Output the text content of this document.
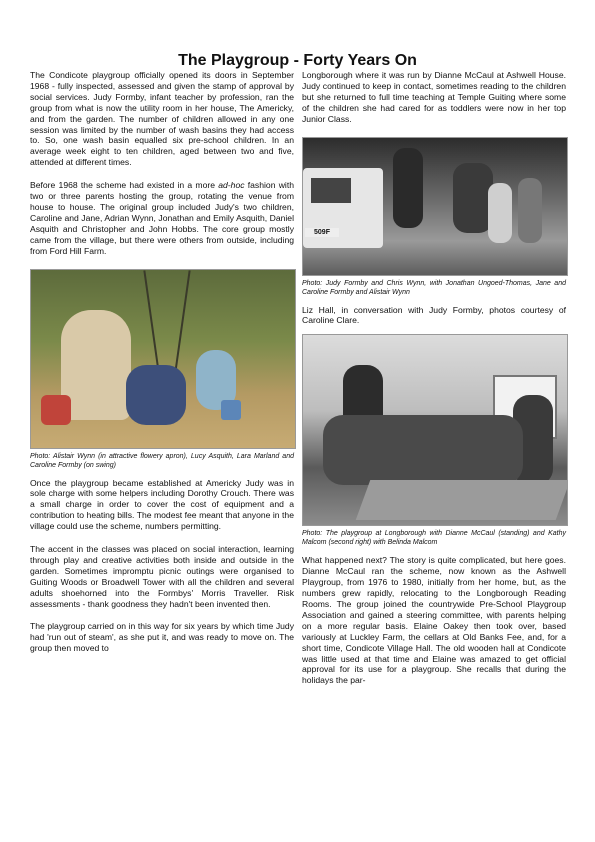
The Playgroup - Forty Years On

The Condicote playgroup officially opened its doors in September 1968 - fully inspected, assessed and given the stamp of approval by social services. Judy Formby, infant teacher by profession, ran the group from what is now the utility room in her house, The Americky, and from the garden. The number of children allowed in any one session was limited by the number of wash basins they had access to. So, one wash basin equalled six pre-school children. In an average week eight to ten children, aged between two and five, attended at different times.

Before 1968 the scheme had existed in a more ad-hoc fashion with two or three parents hosting the group, rotating the venue from house to house. The original group included Judy's two children, Caroline and Jane, Adrian Wynn, Jonathan and Emily Asquith, Daniel Asquith and Christopher and John Hobbs. The core group mostly came from the village, but there were others from outside, including from Ford Hill Farm.

Photo: Alistair Wynn (in attractive flowery apron), Lucy Asquith, Lara Marland and Caroline Formby (on swing)

Once the playgroup became established at Americky Judy was in sole charge with some helpers including Dorothy Crouch. There was a small charge in order to cover the cost of equipment and a contribution to heating bills. The modest fee meant that anyone in the village could use the scheme, numbers permitting.

The accent in the classes was placed on social interaction, learning through play and creative activities both inside and outside in the garden. Sometimes impromptu picnic outings were organised to Guiting Woods or Broadwell Tower with all the children and several adults shoehorned into the Formbys' Morris Traveller. Risk assessments - thank goodness they hadn't been invented then.

The playgroup carried on in this way for six years by which time Judy had 'run out of steam', as she put it, and was ready to move on. The group then moved to

Longborough where it was run by Dianne McCaul at Ashwell House. Judy continued to keep in contact, sometimes reading to the children but she returned to full time teaching at Temple Guiting where some of the children she had cared for as toddlers were now in her top Junior Class.

509F
Photo: Judy Formby and Chris Wynn, with Jonathan Ungoed-Thomas, Jane and Caroline Formby and Alistair Wynn

Liz Hall, in conversation with Judy Formby, photos courtesy of Caroline Clare.

Photo: The playgroup at Longborough with Dianne McCaul (standing) and Kathy Malcom (second right) with Belinda Malcom

What happened next? The story is quite complicated, but here goes. Dianne McCaul ran the scheme, now known as the Ashwell Playgroup, from 1976 to 1980, initially from her home, but, as the numbers grew rapidly, relocating to the Longborough Reading Rooms. The group joined the countrywide Pre-School Playgroup Association and gained a steering committee, with parents helping on a more regular basis. Elaine Oakey then took over, based variously at Luckley Farm, the cellars at Old Banks Fee, and, for a short time, Condicote Village Hall. The old wooden hall at Condicote was little used at that time and Elaine was amazed to get official approval for its use for a playgroup. She recalls that during the holidays the par-
